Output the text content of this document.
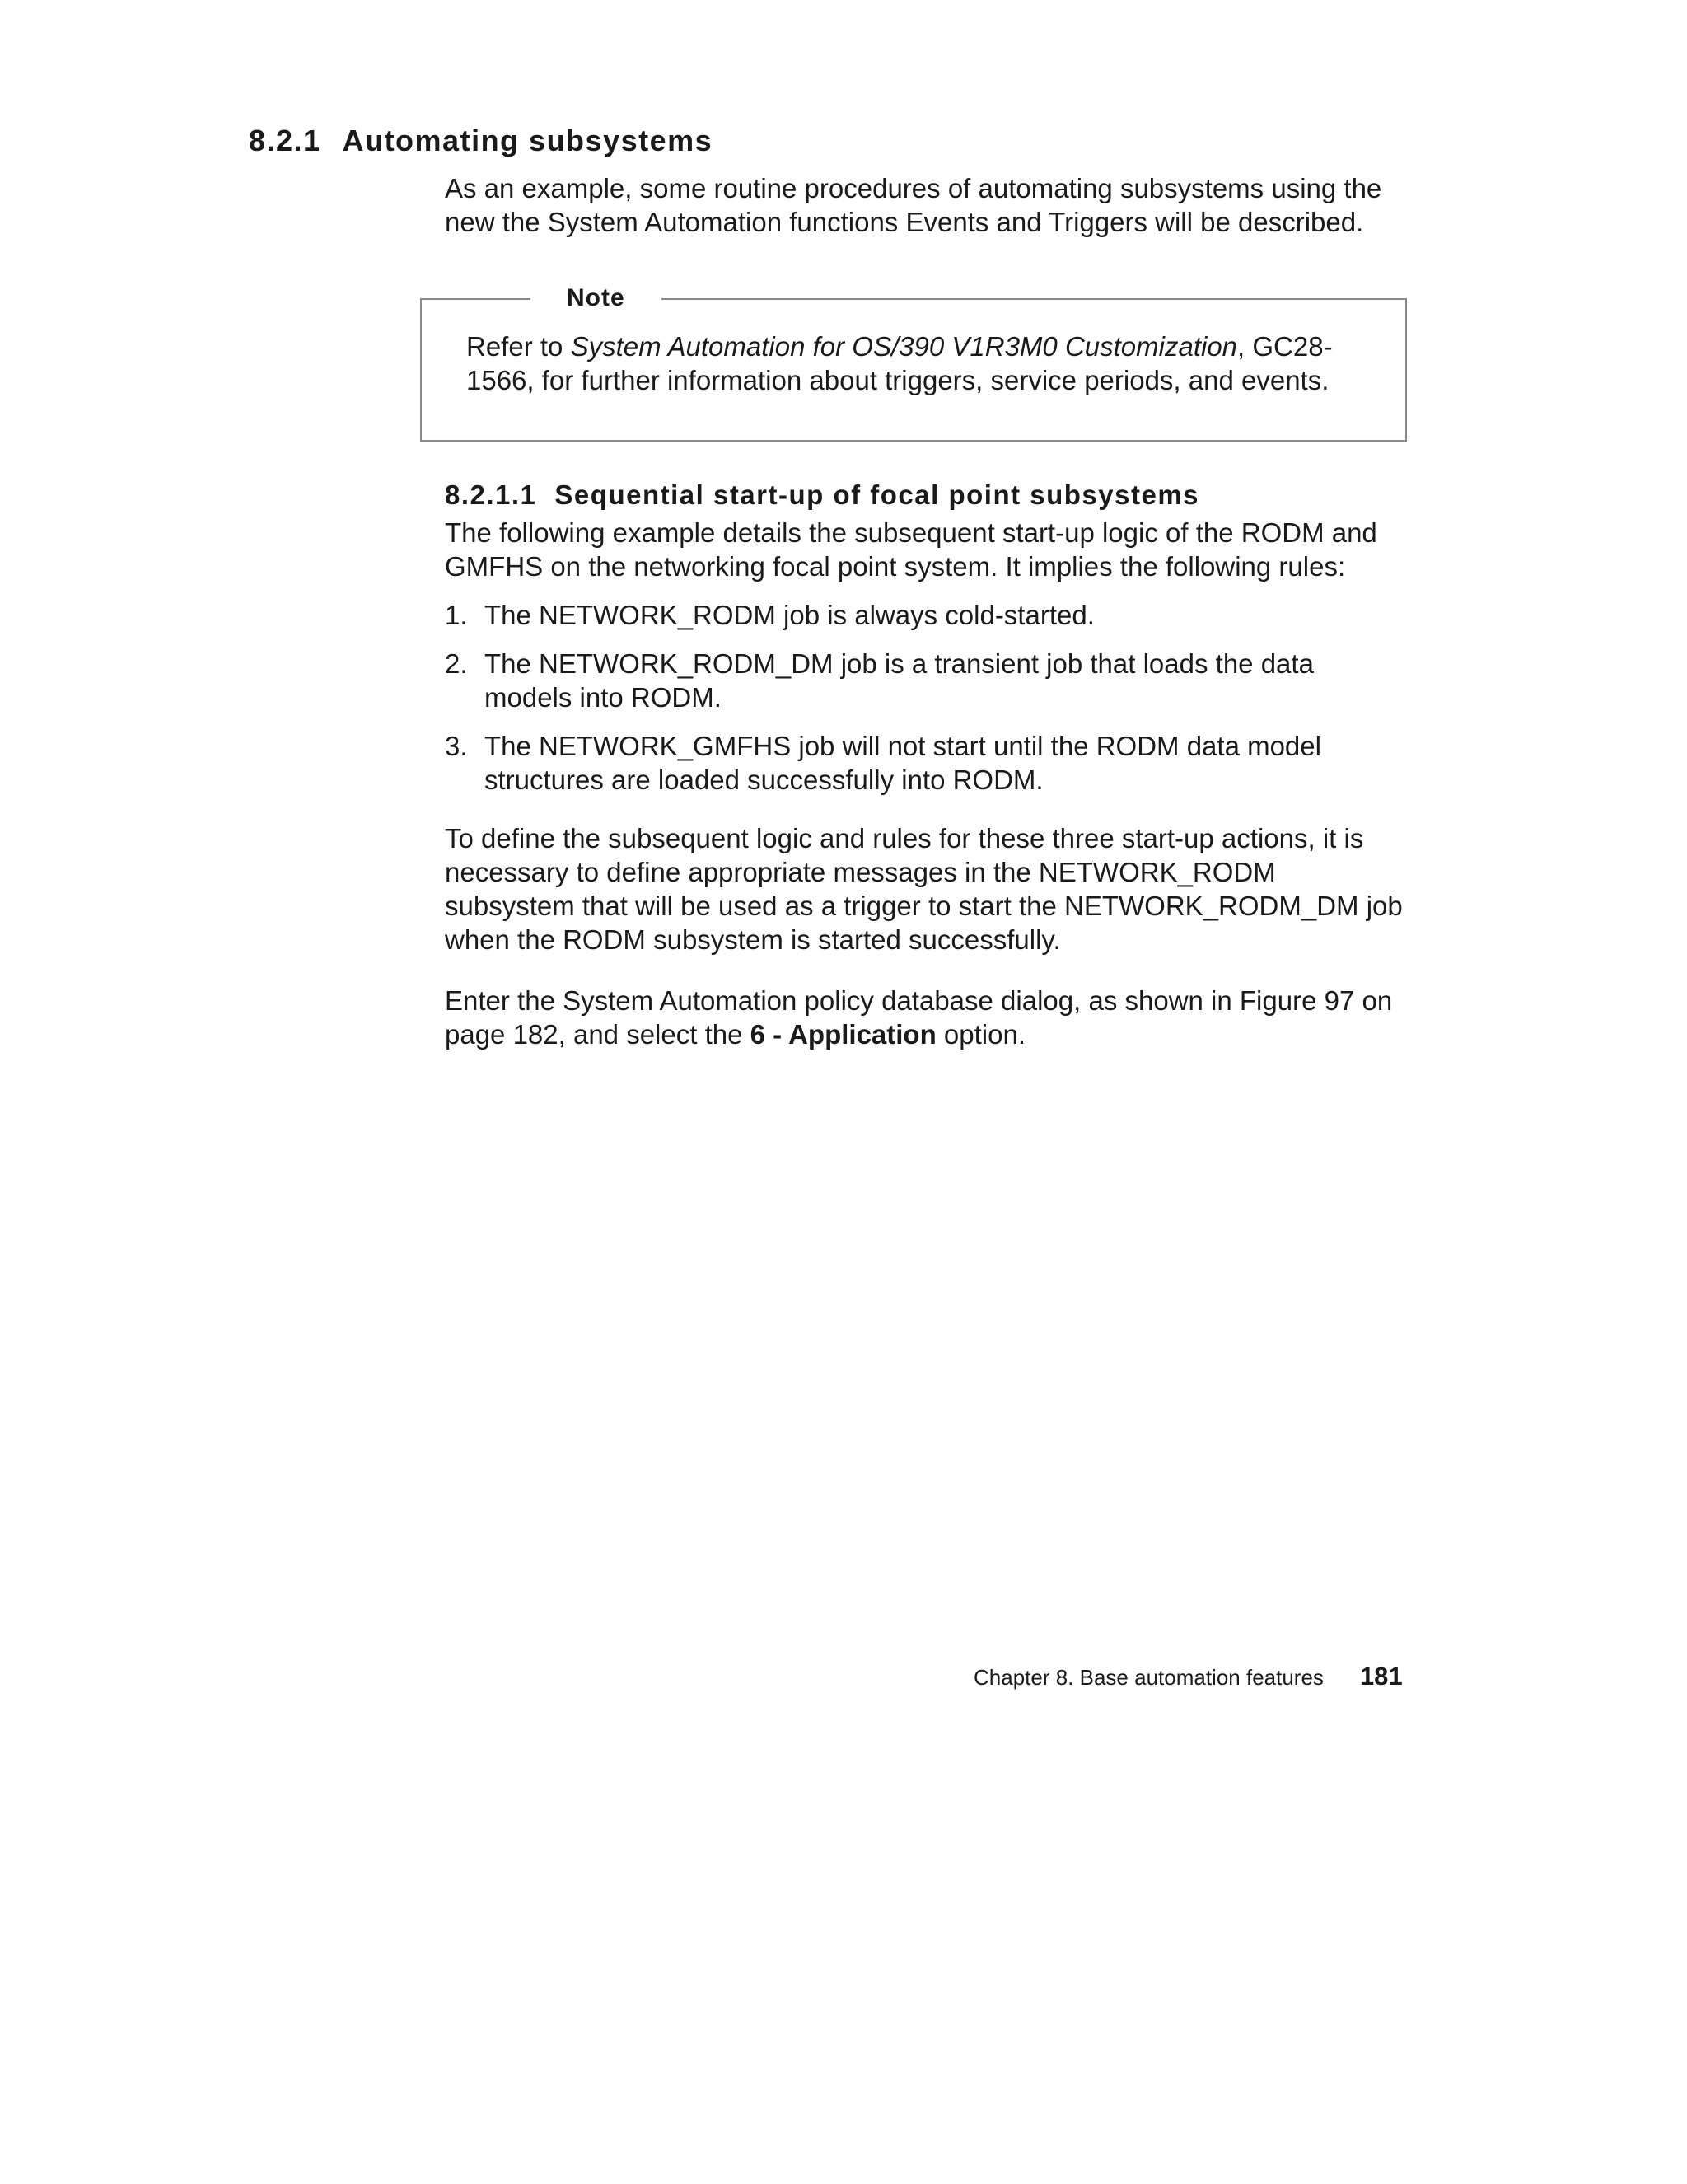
8.2.1 Automating subsystems

As an example, some routine procedures of automating subsystems using the new the System Automation functions Events and Triggers will be described.

Note

Refer to System Automation for OS/390 V1R3M0 Customization, GC28-1566, for further information about triggers, service periods, and events.

8.2.1.1 Sequential start-up of focal point subsystems

The following example details the subsequent start-up logic of the RODM and GMFHS on the networking focal point system. It implies the following rules:

1. The NETWORK_RODM job is always cold-started.
2. The NETWORK_RODM_DM job is a transient job that loads the data models into RODM.
3. The NETWORK_GMFHS job will not start until the RODM data model structures are loaded successfully into RODM.

To define the subsequent logic and rules for these three start-up actions, it is necessary to define appropriate messages in the NETWORK_RODM subsystem that will be used as a trigger to start the NETWORK_RODM_DM job when the RODM subsystem is started successfully.

Enter the System Automation policy database dialog, as shown in Figure 97 on page 182, and select the 6 - Application option.

Chapter 8. Base automation features 181
